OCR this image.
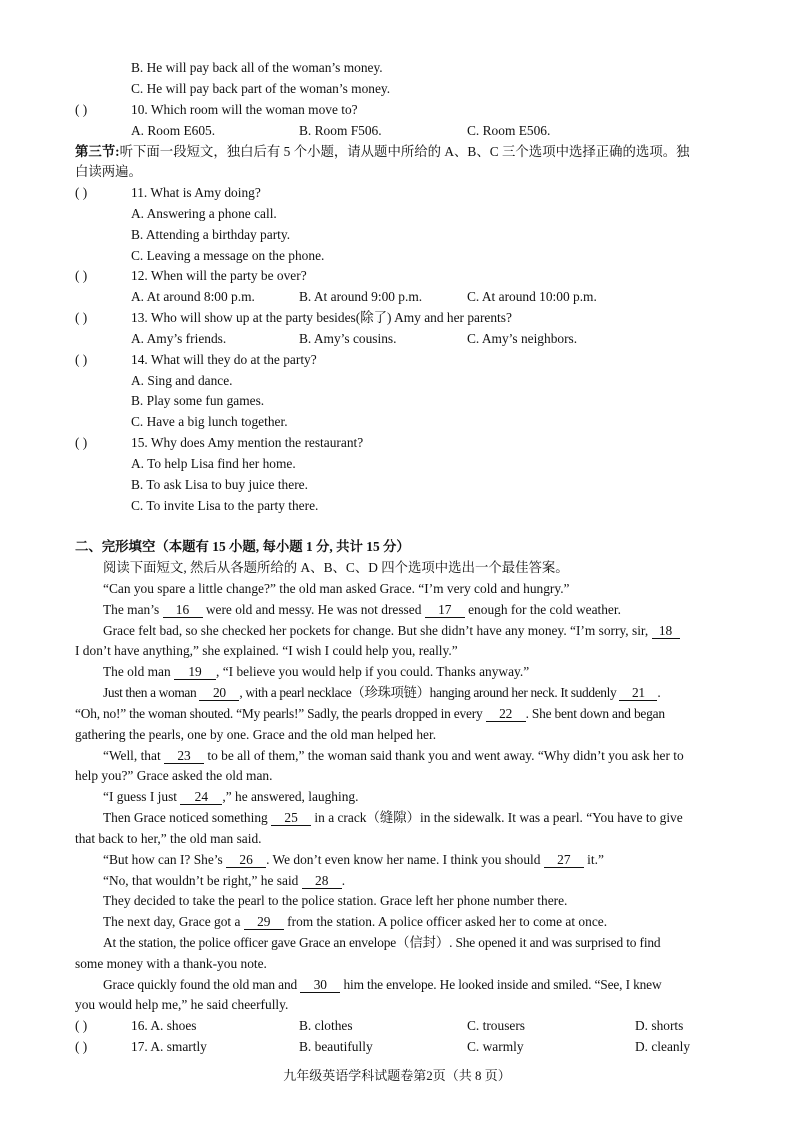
B. He will pay back all of the woman’s money.
C. He will pay back part of the woman’s money.
( )	10. Which room will the woman move to?
A. Room E605.	B. Room F506.	C. Room E506.
第三节:听下面一段短文，独白后有 5 个小题，请从题中所给的 A、B、C 三个选项中选择正确的选项。独
白读两遍。
( )	11. What is Amy doing?
A. Answering a phone call.
B. Attending a birthday party.
C. Leaving a message on the phone.
( )	12. When will the party be over?
A. At around 8:00 p.m.	B. At around 9:00 p.m.	C. At around 10:00 p.m.
( )	13. Who will show up at the party besides(除了) Amy and her parents?
A. Amy’s friends.	B. Amy’s cousins.	C. Amy’s neighbors.
( )	14. What will they do at the party?
A. Sing and dance.
B. Play some fun games.
C. Have a big lunch together.
( )	15. Why does Amy mention the restaurant?
A. To help Lisa find her home.
B. To ask Lisa to buy juice there.
C. To invite Lisa to the party there.
二、完形填空（本题有 15 小题, 每小题 1 分, 共计 15 分）
阅读下面短文, 然后从各题所给的 A、B、C、D 四个选项中选出一个最佳答案。
“Can you spare a little change?” the old man asked Grace. “I’m very cold and hungry.”
The man’s 16 were old and messy. He was not dressed 17 enough for the cold weather.
Grace felt bad, so she checked her pockets for change. But she didn’t have any money. “I’m sorry, sir, 18
I don’t have anything,” she explained. “I wish I could help you, really.”
The old man 19 , “I believe you would help if you could. Thanks anyway.”
Just then a woman 20 , with a pearl necklace（珍珠项链）hanging around her neck. It suddenly 21 .
“Oh, no!” the woman shouted. “My pearls!” Sadly, the pearls dropped in every 22 . She bent down and began
gathering the pearls, one by one. Grace and the old man helped her.
“Well, that 23 to be all of them,” the woman said thank you and went away. “Why didn’t you ask her to
help you?” Grace asked the old man.
“I guess I just 24 ,” he answered, laughing.
Then Grace noticed something 25 in a crack（缝隙）in the sidewalk. It was a pearl. “You have to give
that back to her,” the old man said.
“But how can I? She’s 26 . We don’t even know her name. I think you should 27 it.”
“No, that wouldn’t be right,” he said 28 .
They decided to take the pearl to the police station. Grace left her phone number there.
The next day, Grace got a 29 from the station. A police officer asked her to come at once.
At the station, the police officer gave Grace an envelope（信封）. She opened it and was surprised to find
some money with a thank-you note.
Grace quickly found the old man and 30 him the envelope. He looked inside and smiled. “See, I knew
you would help me,” he said cheerfully.
( )	16. A. shoes	B. clothes	C. trousers	D. shorts
( )	17. A. smartly	B. beautifully	C. warmly	D. cleanly
九年级英语学科试题卷第2页（共 8 页）
